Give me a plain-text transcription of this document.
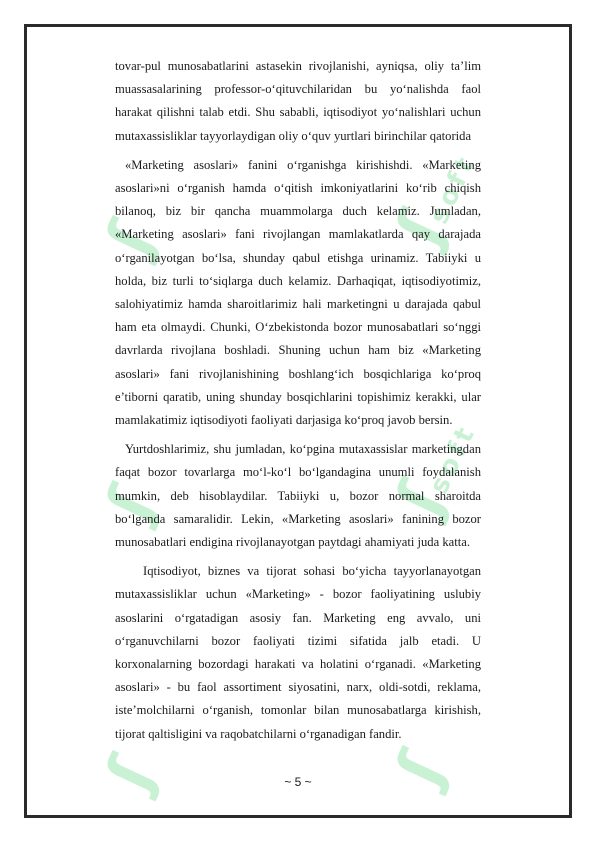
ʃ	ʃsoft
ʃ	ʃsoft
ʃ	ʃ

tovar-pul munosabatlarini astasekin rivojlanishi, ayniqsa, oliy ta’lim muassasalarining professor-o‘qituvchilaridan bu yo‘nalishda faol harakat qilishni talab etdi. Shu sababli, iqtisodiyot yo‘nalishlari uchun mutaxassisliklar tayyorlaydigan oliy o‘quv yurtlari birinchilar qatorida

«Marketing asoslari» fanini o‘rganishga kirishishdi. «Marketing asoslari»ni o‘rganish hamda o‘qitish imkoniyatlarini ko‘rib chiqish bilanoq, biz bir qancha muammolarga duch kelamiz. Jumladan, «Marketing asoslari» fani rivojlangan mamlakatlarda qay darajada o‘rganilayotgan bo‘lsa, shunday qabul etishga urinamiz. Tabiiyki u holda, biz turli to‘siqlarga duch kelamiz. Darhaqiqat, iqtisodiyotimiz, salohiyatimiz hamda sharoitlarimiz hali marketingni u darajada qabul ham eta olmaydi. Chunki, O‘zbekistonda bozor munosabatlari so‘nggi davrlarda rivojlana boshladi. Shuning uchun ham biz «Marketing asoslari» fani rivojlanishining boshlang‘ich bosqichlariga ko‘proq e’tiborni qaratib, uning shunday bosqichlarini topishimiz kerakki, ular mamlakatimiz iqtisodiyoti faoliyati darjasiga ko‘proq javob bersin.

Yurtdoshlarimiz, shu jumladan, ko‘pgina mutaxassislar marketingdan faqat bozor tovarlarga mo‘l-ko‘l bo‘lgandagina unumli foydalanish mumkin, deb hisoblaydilar. Tabiiyki u, bozor normal sharoitda bo‘lganda samaralidir. Lekin, «Marketing asoslari» fanining bozor munosabatlari endigina rivojlanayotgan paytdagi ahamiyati juda katta.

Iqtisodiyot, biznes va tijorat sohasi bo‘yicha tayyorlanayotgan mutaxassisliklar uchun «Marketing» - bozor faoliyatining uslubiy asoslarini o‘rgatadigan asosiy fan. Marketing eng avvalo, uni o‘rganuvchilarni bozor faoliyati tizimi sifatida jalb etadi. U korxonalarning bozordagi harakati va holatini o‘rganadi. «Marketing asoslari» - bu faol assortiment siyosatini, narx, oldi-sotdi, reklama, iste’molchilarni o‘rganish, tomonlar bilan munosabatlarga kirishish, tijorat qaltisligini va raqobatchilarni o‘rganadigan fandir.

~ 5 ~
